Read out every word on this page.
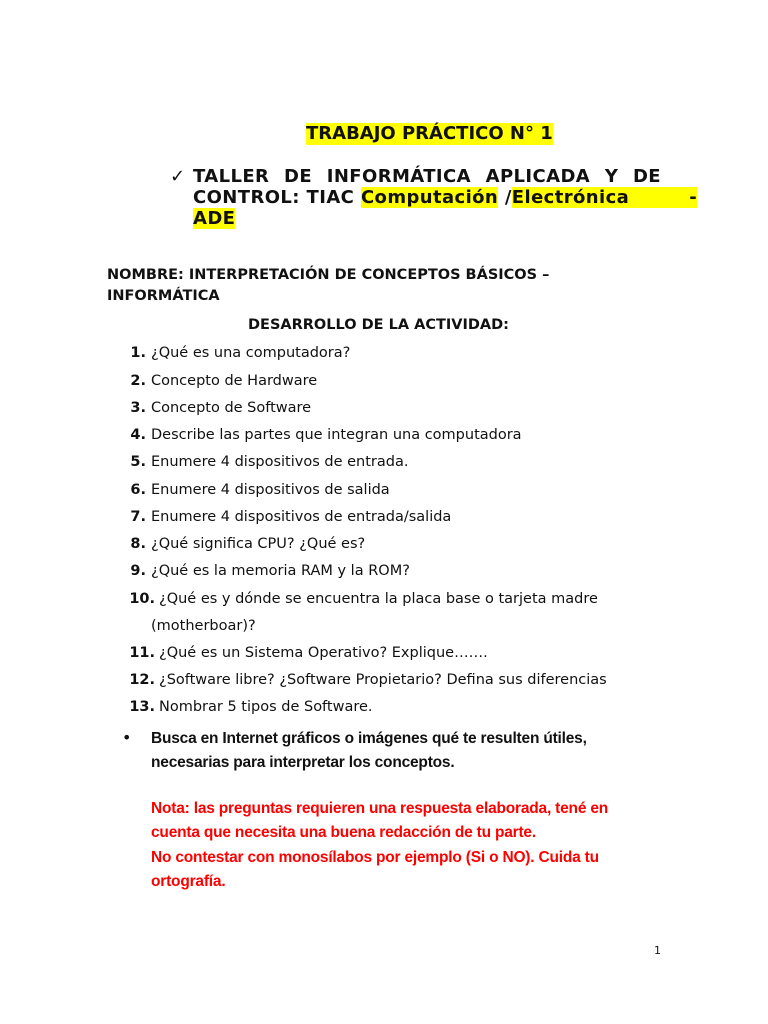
TRABAJO PRÁCTICO N° 1
✓ TALLER DE INFORMÁTICA APLICADA Y DE
CONTROL: TIAC Computación /Electrónica	-
ADE
NOMBRE: INTERPRETACIÓN DE CONCEPTOS BÁSICOS – INFORMÁTICA
DESARROLLO DE LA ACTIVIDAD:
1. ¿Qué es una computadora?
2. Concepto de Hardware
3. Concepto de Software
4. Describe las partes que integran una computadora
5. Enumere 4 dispositivos de entrada.
6. Enumere 4 dispositivos de salida
7. Enumere 4 dispositivos de entrada/salida
8. ¿Qué significa CPU? ¿Qué es?
9. ¿Qué es la memoria RAM y la ROM?
10. ¿Qué es y dónde se encuentra la placa base o tarjeta madre
(motherboar)?
11. ¿Qué es un Sistema Operativo? Explique…….
12. ¿Software libre? ¿Software Propietario? Defina sus diferencias
13. Nombrar 5 tipos de Software.
• Busca en Internet gráficos o imágenes qué te resulten útiles, necesarias para interpretar los conceptos.
Nota: las preguntas requieren una respuesta elaborada, tené en cuenta que necesita una buena redacción de tu parte.
No contestar con monosílabos por ejemplo (Si o NO). Cuida tu ortografía.
1
